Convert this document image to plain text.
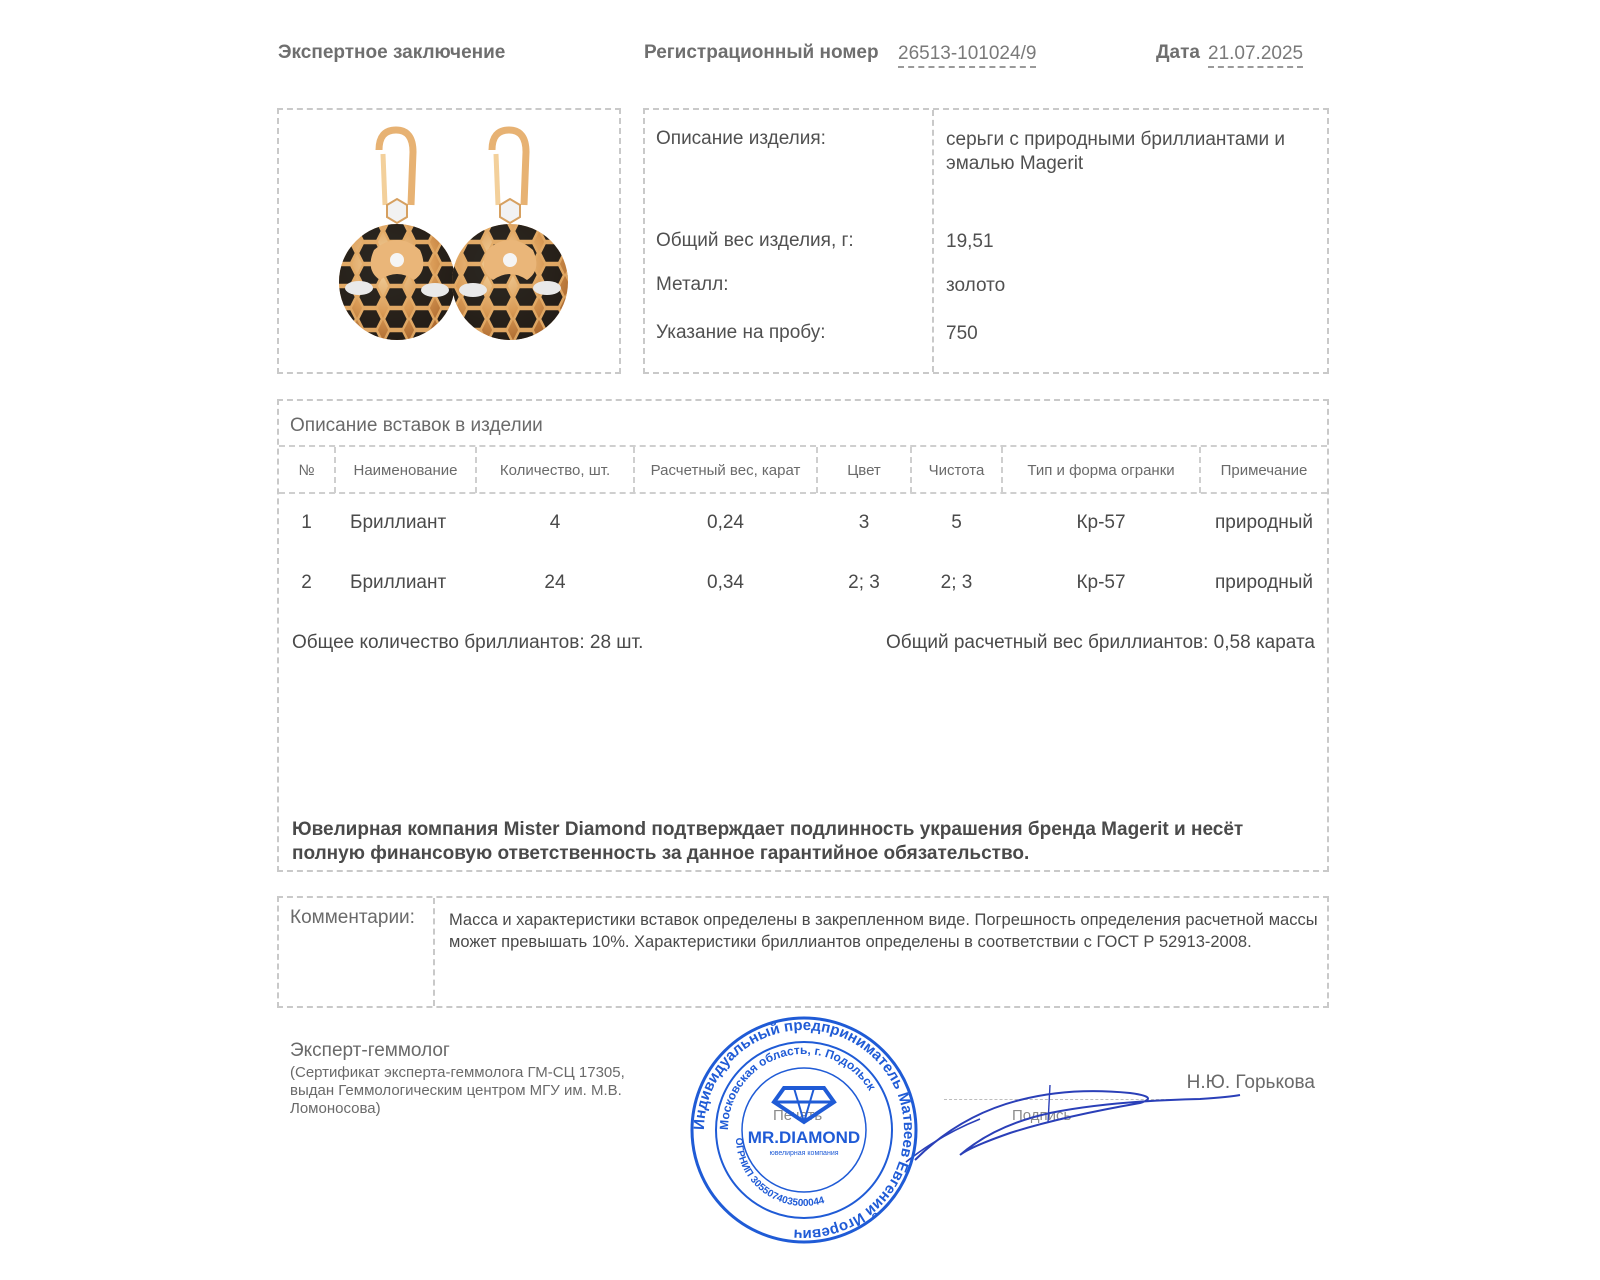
Экспертное заключение	Регистрационный номер 26513-101024/9	Дата 21.07.2025
Описание изделия:	серьги с природными бриллиантами и эмалью Magerit
Общий вес изделия, г:	19,51
Металл:	золото
Указание на пробу:	750
Описание вставок в изделии
№	Наименование	Количество, шт.	Расчетный вес, карат	Цвет	Чистота	Тип и форма огранки	Примечание
1	Бриллиант	4	0,24	3	5	Кр-57	природный
2	Бриллиант	24	0,34	2; 3	2; 3	Кр-57	природный
Общее количество бриллиантов: 28 шт.	Общий расчетный вес бриллиантов: 0,58 карата
Ювелирная компания Mister Diamond подтверждает подлинность украшения бренда Magerit и несёт полную финансовую ответственность за данное гарантийное обязательство.
Комментарии: Масса и характеристики вставок определены в закрепленном виде. Погрешность определения расчетной массы может превышать 10%. Характеристики бриллиантов определены в соответствии с ГОСТ Р 52913-2008.
Эксперт-геммолог
(Сертификат эксперта-геммолога ГМ-СЦ 17305, выдан Геммологическим центром МГУ им. М.В. Ломоносова)	Печать	Подпись
Н.Ю. Горькова
Индивидуальный предприниматель Матвеев Евгений Игоревич
Московская область, г. Подольск
ОГРНИП 305507403500044
MR.DIAMOND
ювелирная компания
